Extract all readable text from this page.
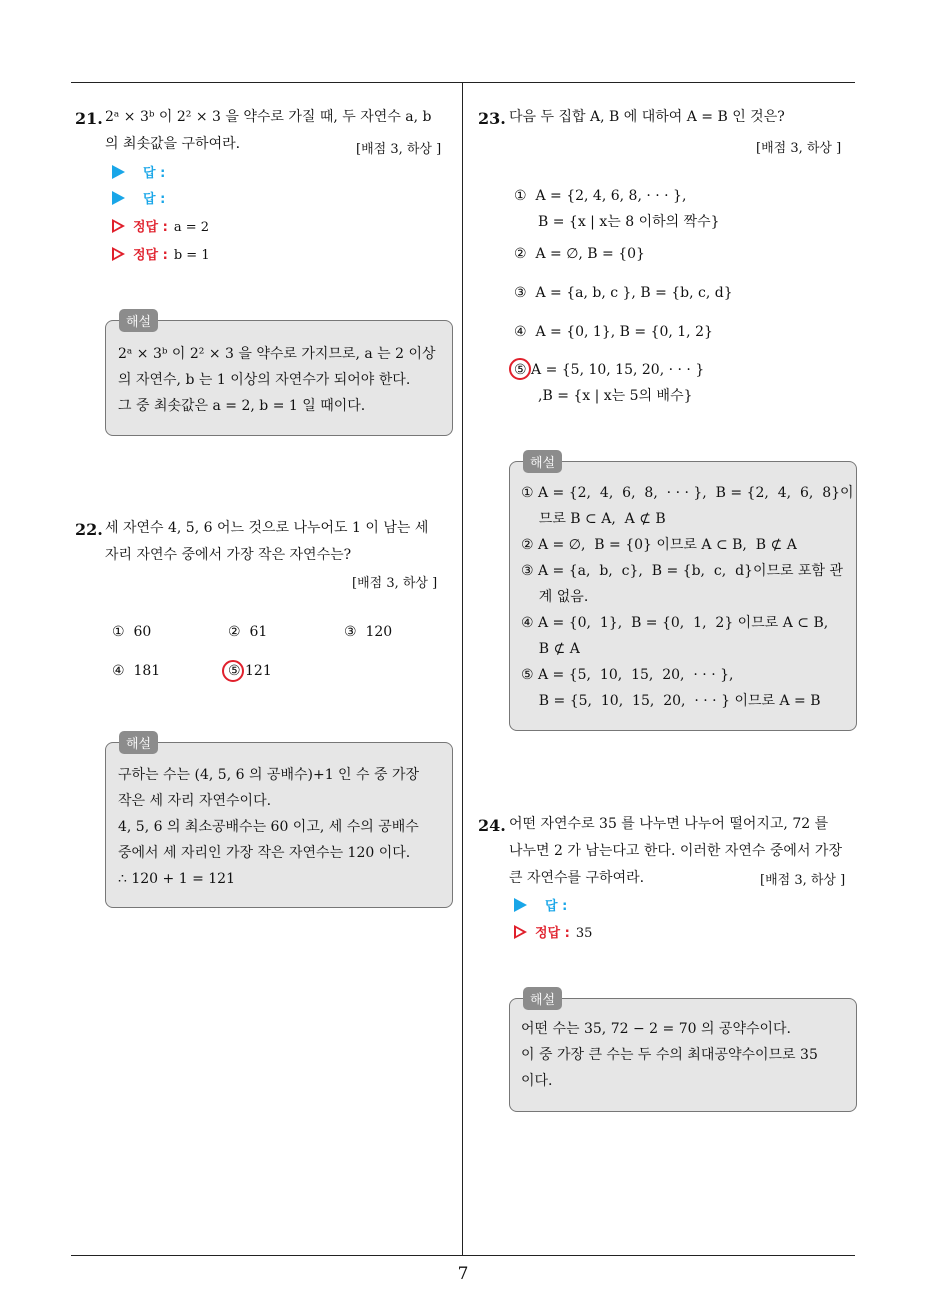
7
21. 2ᵃ × 3ᵇ 이 2² × 3 을 약수로 가질 때, 두 자연수 a, b
의 최솟값을 구하여라.	[배점 3, 하상 ]
답 :
답 :
정답 : a = 2
정답 : b = 1
해설
2ᵃ × 3ᵇ 이 2² × 3 을 약수로 가지므로, a 는 2 이상
의 자연수, b 는 1 이상의 자연수가 되어야 한다.
그 중 최솟값은 a = 2, b = 1 일 때이다.
22. 세 자연수 4, 5, 6 어느 것으로 나누어도 1 이 남는 세
자리 자연수 중에서 가장 작은 자연수는?
[배점 3, 하상 ]
① 60	② 61	③ 120
④ 181	⑤ 121
해설
구하는 수는 (4, 5, 6 의 공배수)+1 인 수 중 가장
작은 세 자리 자연수이다.
4, 5, 6 의 최소공배수는 60 이고, 세 수의 공배수
중에서 세 자리인 가장 작은 자연수는 120 이다.
∴ 120 + 1 = 121
23. 다음 두 집합 A, B 에 대하여 A = B 인 것은?
[배점 3, 하상 ]
① A = {2, 4, 6, 8, · · · },
B = {x | x는 8 이하의 짝수}
② A = ∅, B = {0}
③ A = {a, b, c }, B = {b, c, d}
④ A = {0, 1}, B = {0, 1, 2}
⑤ A = {5, 10, 15, 20, · · · }
,B = {x | x는 5의 배수}
해설
① A = {2,  4,  6,  8,  · · · },  B = {2,  4,  6,  8}이
므로 B ⊂ A,  A ⊄ B
② A = ∅,  B = {0} 이므로 A ⊂ B,  B ⊄ A
③ A = {a,  b,  c},  B = {b,  c,  d}이므로 포함 관
계 없음.
④ A = {0,  1},  B = {0,  1,  2} 이므로 A ⊂ B,
B ⊄ A
⑤ A = {5,  10,  15,  20,  · · · },
B = {5,  10,  15,  20,  · · · } 이므로 A = B
24. 어떤 자연수로 35 를 나누면 나누어 떨어지고, 72 를
나누면 2 가 남는다고 한다. 이러한 자연수 중에서 가장
큰 자연수를 구하여라.	[배점 3, 하상 ]
답 :
정답 : 35
해설
어떤 수는 35, 72 − 2 = 70 의 공약수이다.
이 중 가장 큰 수는 두 수의 최대공약수이므로 35
이다.
